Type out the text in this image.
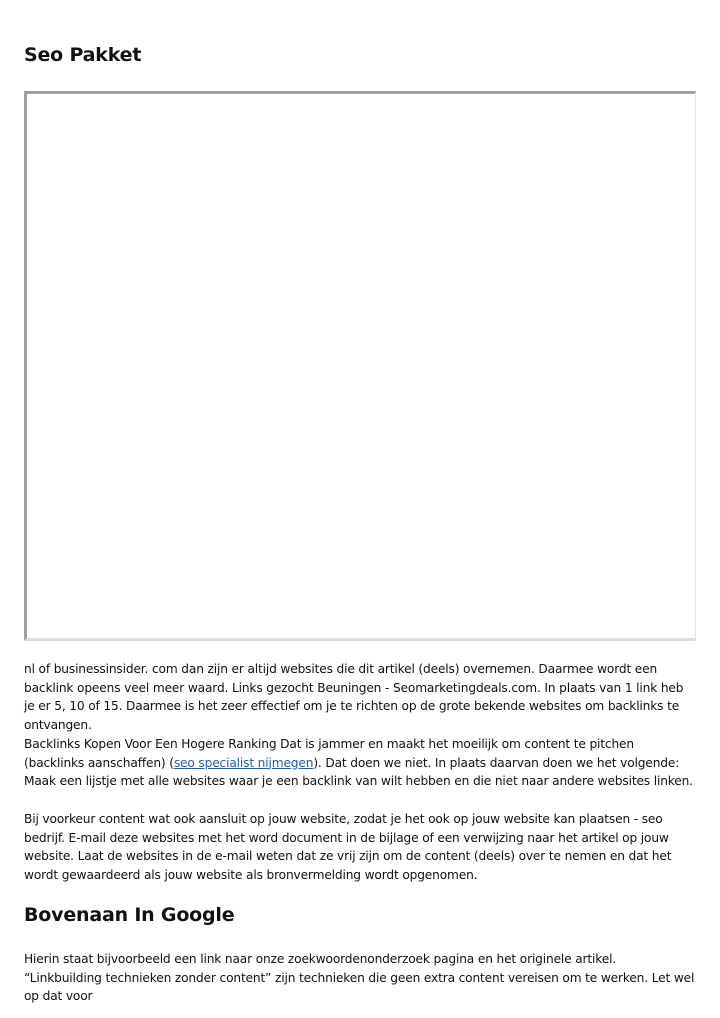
Seo Pakket

nl of businessinsider. com dan zijn er altijd websites die dit artikel (deels) overnemen. Daarmee wordt een backlink opeens veel meer waard. Links gezocht Beuningen - Seomarketingdeals.com. In plaats van 1 link heb je er 5, 10 of 15. Daarmee is het zeer effectief om je te richten op de grote bekende websites om backlinks te ontvangen.

Backlinks Kopen Voor Een Hogere Ranking Dat is jammer en maakt het moeilijk om content te pitchen (backlinks aanschaffen) (seo specialist nijmegen). Dat doen we niet. In plaats daarvan doen we het volgende: Maak een lijstje met alle websites waar je een backlink van wilt hebben en die niet naar andere websites linken.

Bij voorkeur content wat ook aansluit op jouw website, zodat je het ook op jouw website kan plaatsen - seo bedrijf. E-mail deze websites met het word document in de bijlage of een verwijzing naar het artikel op jouw website. Laat de websites in de e-mail weten dat ze vrij zijn om de content (deels) over te nemen en dat het wordt gewaardeerd als jouw website als bronvermelding wordt opgenomen.

Bovenaan In Google

Hierin staat bijvoorbeeld een link naar onze zoekwoordenonderzoek pagina en het originele artikel. “Linkbuilding technieken zonder content” zijn technieken die geen extra content vereisen om te werken. Let wel op dat voor
